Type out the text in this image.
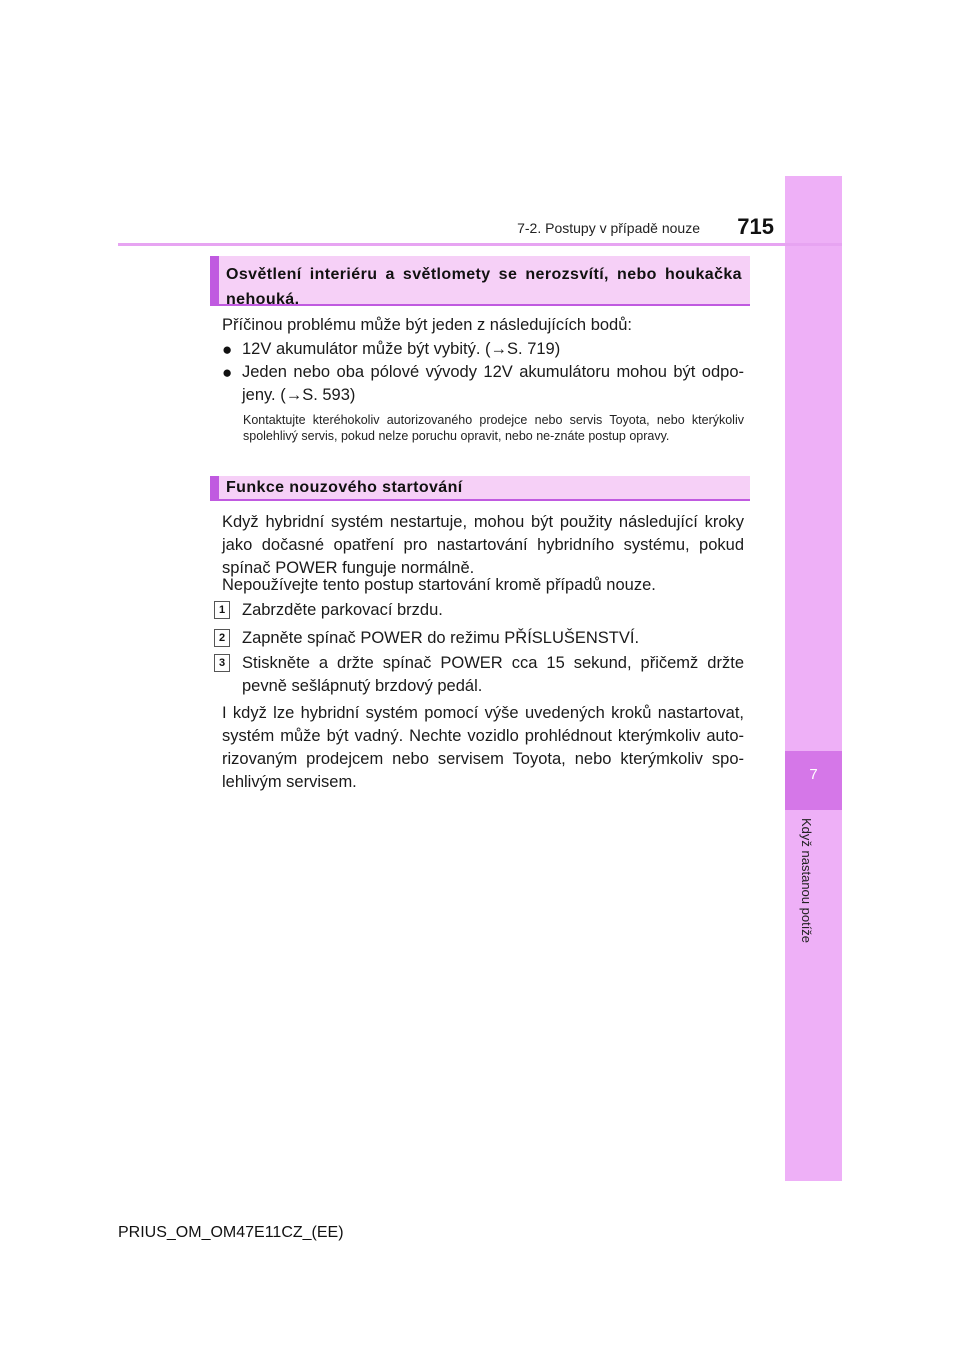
7
Když nastanou potíže
7-2. Postupy v případě nouze	715
Osvětlení interiéru a světlomety se nerozsvítí, nebo houkačka nehouká.
Příčinou problému může být jeden z následujících bodů:
● 12V akumulátor může být vybitý. (→S. 719)
● Jeden nebo oba pólové vývody 12V akumulátoru mohou být odpo-jeny. (→S. 593)
Kontaktujte kteréhokoliv autorizovaného prodejce nebo servis Toyota, nebo kterýkoliv spolehlivý servis, pokud nelze poruchu opravit, nebo ne-znáte postup opravy.
Funkce nouzového startování
Když hybridní systém nestartuje, mohou být použity následující kroky jako dočasné opatření pro nastartování hybridního systému, pokud spínač POWER funguje normálně.
Nepoužívejte tento postup startování kromě případů nouze.
1 Zabrzděte parkovací brzdu.
2 Zapněte spínač POWER do režimu PŘÍSLUŠENSTVÍ.
3 Stiskněte a držte spínač POWER cca 15 sekund, přičemž držte pevně sešlápnutý brzdový pedál.
I když lze hybridní systém pomocí výše uvedených kroků nastartovat, systém může být vadný. Nechte vozidlo prohlédnout kterýmkoliv auto-rizovaným prodejcem nebo servisem Toyota, nebo kterýmkoliv spo-lehlivým servisem.
PRIUS_OM_OM47E11CZ_(EE)
